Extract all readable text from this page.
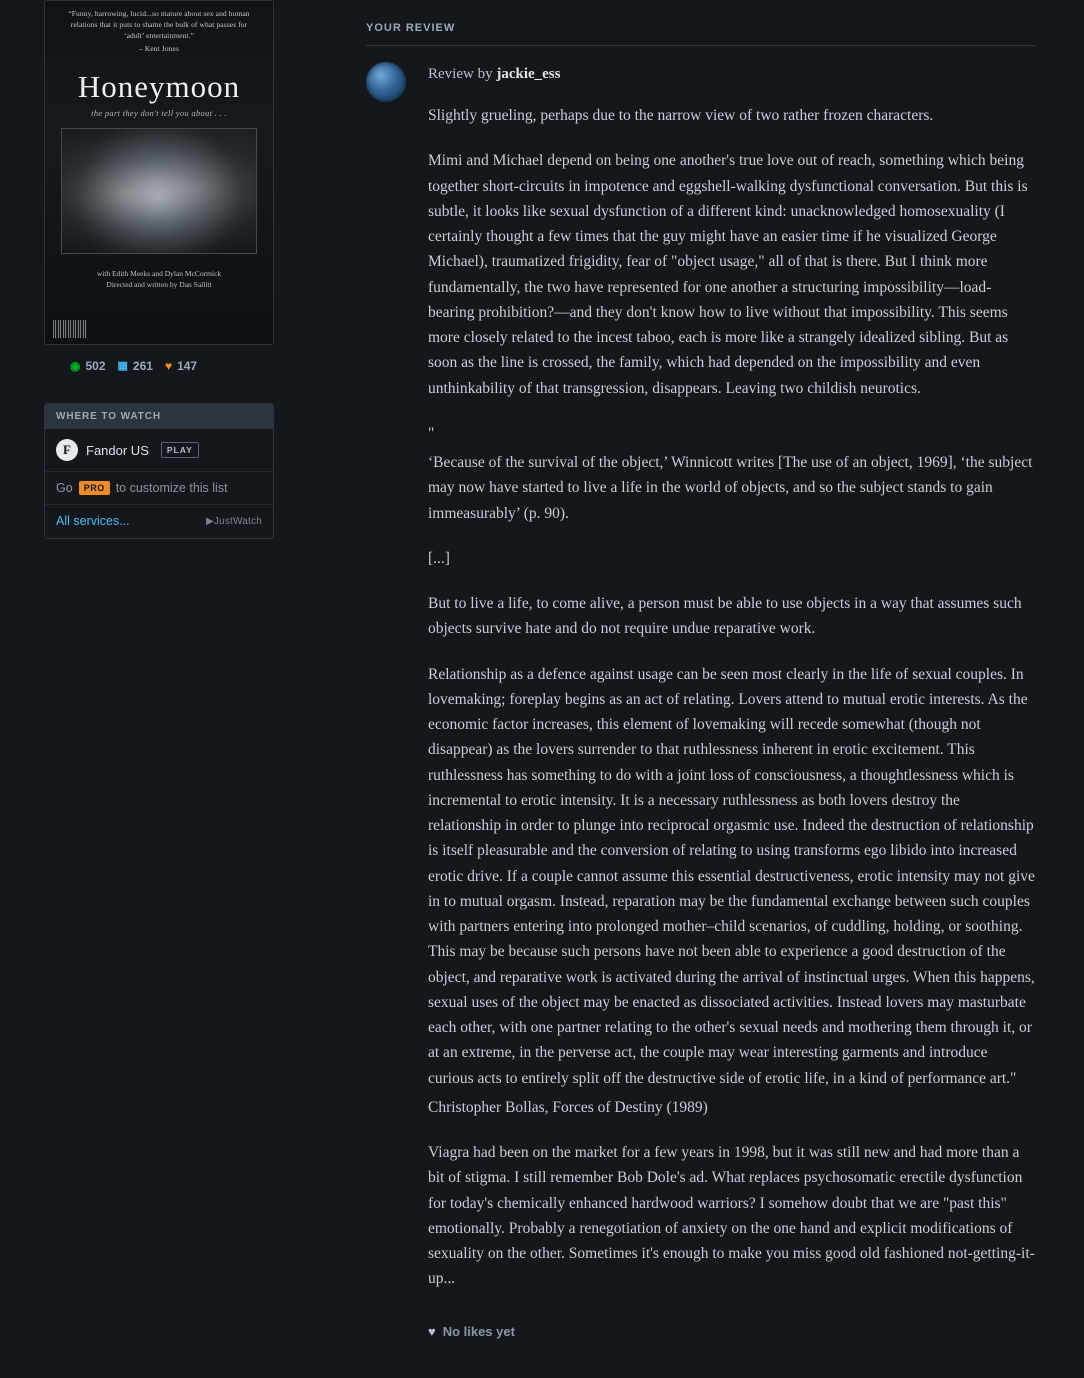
“Funny, harrowing, lucid...so mature about sex and human relations that it puts to shame the bulk of what passes for ‘adult’ entertainment.”
– Kent Jones
Honeymoon
the part they don't tell you about . . .
with Edith Meeks and Dylan McCormick
Directed and written by Dan Sallitt
◉ 502 ▦ 261 ♥ 147
WHERE TO WATCH
F	Fandor US	PLAY
Go	PRO to customize this list
All services...	▶JustWatch
YOUR REVIEW
Review by jackie_ess

Slightly grueling, perhaps due to the narrow view of two rather frozen characters.

Mimi and Michael depend on being one another's true love out of reach, something which being together short-circuits in impotence and eggshell-walking dysfunctional conversation. But this is subtle, it looks like sexual dysfunction of a different kind: unacknowledged homosexuality (I certainly thought a few times that the guy might have an easier time if he visualized George Michael), traumatized frigidity, fear of "object usage," all of that is there. But I think more fundamentally, the two have represented for one another a structuring impossibility—load-bearing prohibition?—and they don't know how to live without that impossibility. This seems more closely related to the incest taboo, each is more like a strangely idealized sibling. But as soon as the line is crossed, the family, which had depended on the impossibility and even unthinkability of that transgression, disappears. Leaving two childish neurotics.

"

‘Because of the survival of the object,’ Winnicott writes [The use of an object, 1969], ‘the subject may now have started to live a life in the world of objects, and so the subject stands to gain immeasurably’ (p. 90).

[...]

But to live a life, to come alive, a person must be able to use objects in a way that assumes such objects survive hate and do not require undue reparative work.

Relationship as a defence against usage can be seen most clearly in the life of sexual couples. In lovemaking; foreplay begins as an act of relating. Lovers attend to mutual erotic interests. As the economic factor increases, this element of lovemaking will recede somewhat (though not disappear) as the lovers surrender to that ruthlessness inherent in erotic excitement. This ruthlessness has something to do with a joint loss of consciousness, a thoughtlessness which is incremental to erotic intensity. It is a necessary ruthlessness as both lovers destroy the relationship in order to plunge into reciprocal orgasmic use. Indeed the destruction of relationship is itself pleasurable and the conversion of relating to using transforms ego libido into increased erotic drive. If a couple cannot assume this essential destructiveness, erotic intensity may not give in to mutual orgasm. Instead, reparation may be the fundamental exchange between such couples with partners entering into prolonged mother–child scenarios, of cuddling, holding, or soothing. This may be because such persons have not been able to experience a good destruction of the object, and reparative work is activated during the arrival of instinctual urges. When this happens, sexual uses of the object may be enacted as dissociated activities. Instead lovers may masturbate each other, with one partner relating to the other's sexual needs and mothering them through it, or at an extreme, in the perverse act, the couple may wear interesting garments and introduce curious acts to entirely split off the destructive side of erotic life, in a kind of performance art."

Christopher Bollas, Forces of Destiny (1989)

Viagra had been on the market for a few years in 1998, but it was still new and had more than a bit of stigma. I still remember Bob Dole's ad. What replaces psychosomatic erectile dysfunction for today's chemically enhanced hardwood warriors? I somehow doubt that we are "past this" emotionally. Probably a renegotiation of anxiety on the one hand and explicit modifications of sexuality on the other. Sometimes it's enough to make you miss good old fashioned not-getting-it-up...

♥ No likes yet
